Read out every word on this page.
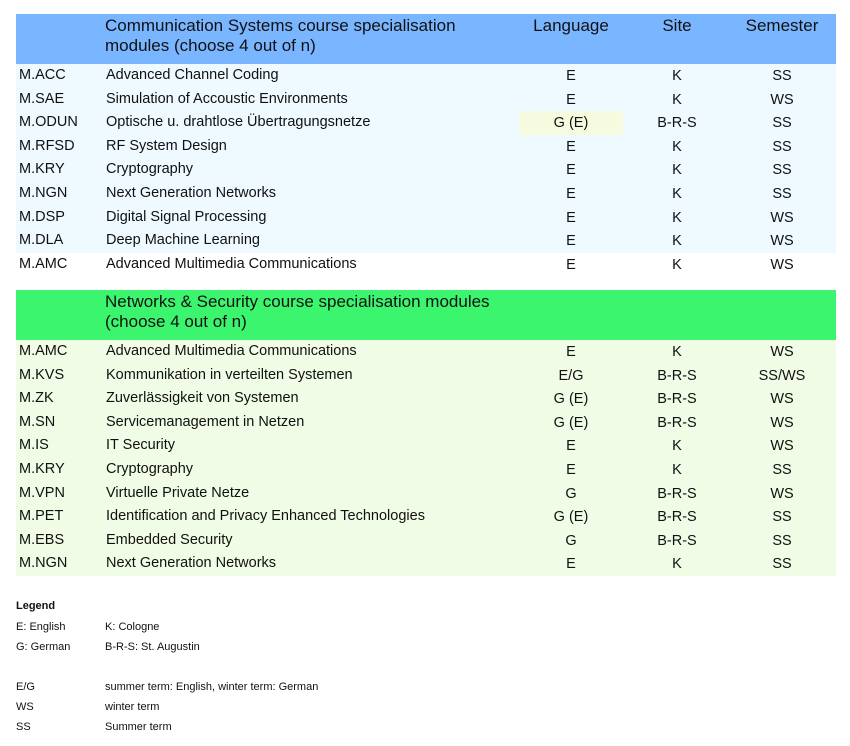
Communication Systems course specialisation
modules (choose 4 out of n)
Language	Site	Semester
M.ACC	Advanced Channel Coding	E	K	SS
M.SAE	Simulation of Accoustic Environments	E	K	WS
M.ODUN Optische u. drahtlose Übertragungsnetze	G (E)	B-R-S	SS
M.RFSD RF System Design	E	K	SS
M.KRY	Cryptography	E	K	SS
M.NGN	Next Generation Networks	E	K	SS
M.DSP	Digital Signal Processing	E	K	WS
M.DLA	Deep Machine Learning	E	K	WS
M.AMC	Advanced Multimedia Communications	E	K	WS
Networks & Security course specialisation modules
(choose 4 out of n)
M.AMC	Advanced Multimedia Communications	E	K	WS
M.KVS	Kommunikation in verteilten Systemen	E/G	B-R-S	SS/WS
M.ZK	Zuverlässigkeit von Systemen	G (E)	B-R-S	WS
M.SN	Servicemanagement in Netzen	G (E)	B-R-S	WS
M.IS	IT Security	E	K	WS
M.KRY	Cryptography	E	K	SS
M.VPN	Virtuelle Private Netze	G	B-R-S	WS
M.PET	Identification and Privacy Enhanced Technologies	G (E)	B-R-S	SS
M.EBS	Embedded Security	G	B-R-S	SS
M.NGN	Next Generation Networks	E	K	SS
Legend
E: English	K: Cologne
G: German	B-R-S: St. Augustin
E/G	summer term: English, winter term: German
WS	winter term
SS	Summer term
